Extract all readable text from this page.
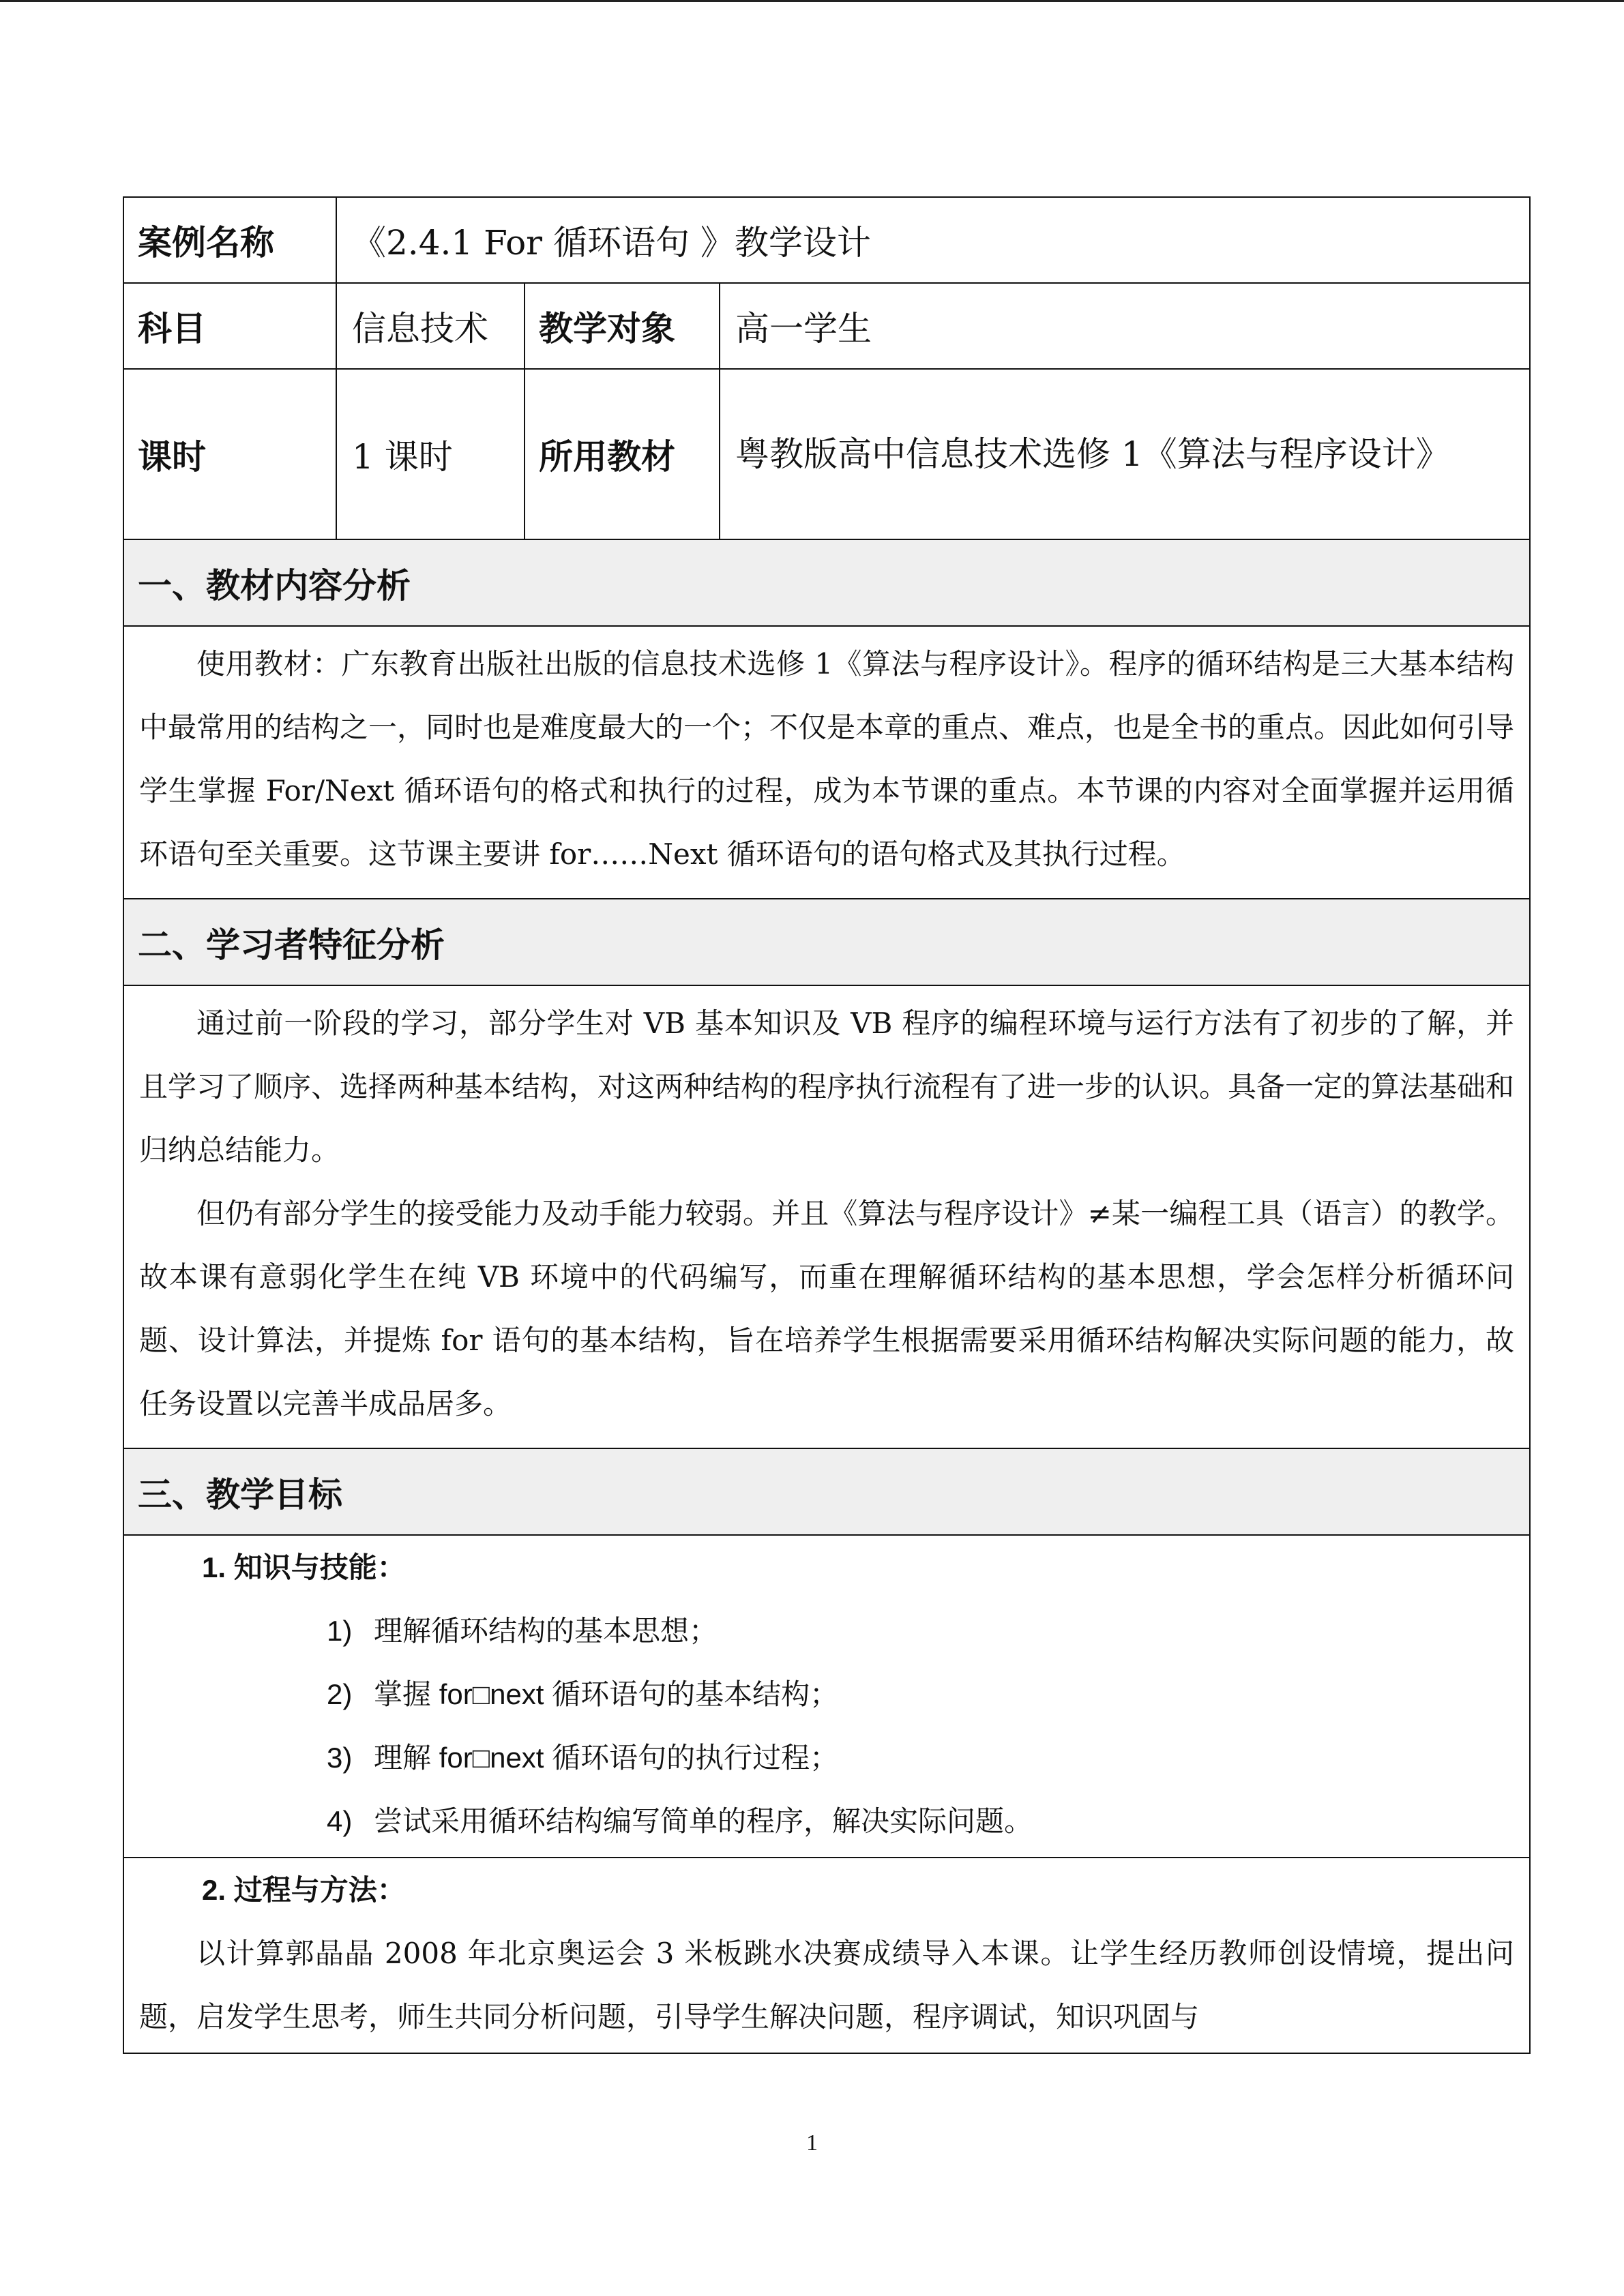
案例名称	《2.4.1 For 循环语句 》教学设计		
科目	信息技术	教学对象	高一学生
课时	1 课时	所用教材	粤教版高中信息技术选修 1《算法与程序设计》
一、教材内容分析			

使用教材：广东教育出版社出版的信息技术选修 1《算法与程序设计》。程序的循环结构是三大基本结构中最常用的结构之一，同时也是难度最大的一个；不仅是本章的重点、难点，也是全书的重点。因此如何引导学生掌握 For/Next 循环语句的格式和执行的过程，成为本节课的重点。本节课的内容对全面掌握并运用循环语句至关重要。这节课主要讲 for……Next 循环语句的语句格式及其执行过程。			

二、学习者特征分析			

通过前一阶段的学习，部分学生对 VB 基本知识及 VB 程序的编程环境与运行方法有了初步的了解，并且学习了顺序、选择两种基本结构，对这两种结构的程序执行流程有了进一步的认识。具备一定的算法基础和归纳总结能力。

但仍有部分学生的接受能力及动手能力较弱。并且《算法与程序设计》≠某一编程工具（语言）的教学。故本课有意弱化学生在纯 VB 环境中的代码编写，而重在理解循环结构的基本思想，学会怎样分析循环问题、设计算法，并提炼 for 语句的基本结构，旨在培养学生根据需要采用循环结构解决实际问题的能力，故任务设置以完善半成品居多。			

三、教学目标			

1. 知识与技能：

1) 理解循环结构的基本思想；

2) 掌握 for□next 循环语句的基本结构；

3) 理解 for□next 循环语句的执行过程；

4) 尝试采用循环结构编写简单的程序，解决实际问题。			

2. 过程与方法：

以计算郭晶晶 2008 年北京奥运会 3 米板跳水决赛成绩导入本课。让学生经历教师创设情境，提出问题，启发学生思考，师生共同分析问题，引导学生解决问题，程序调试，知识巩固与			

1
